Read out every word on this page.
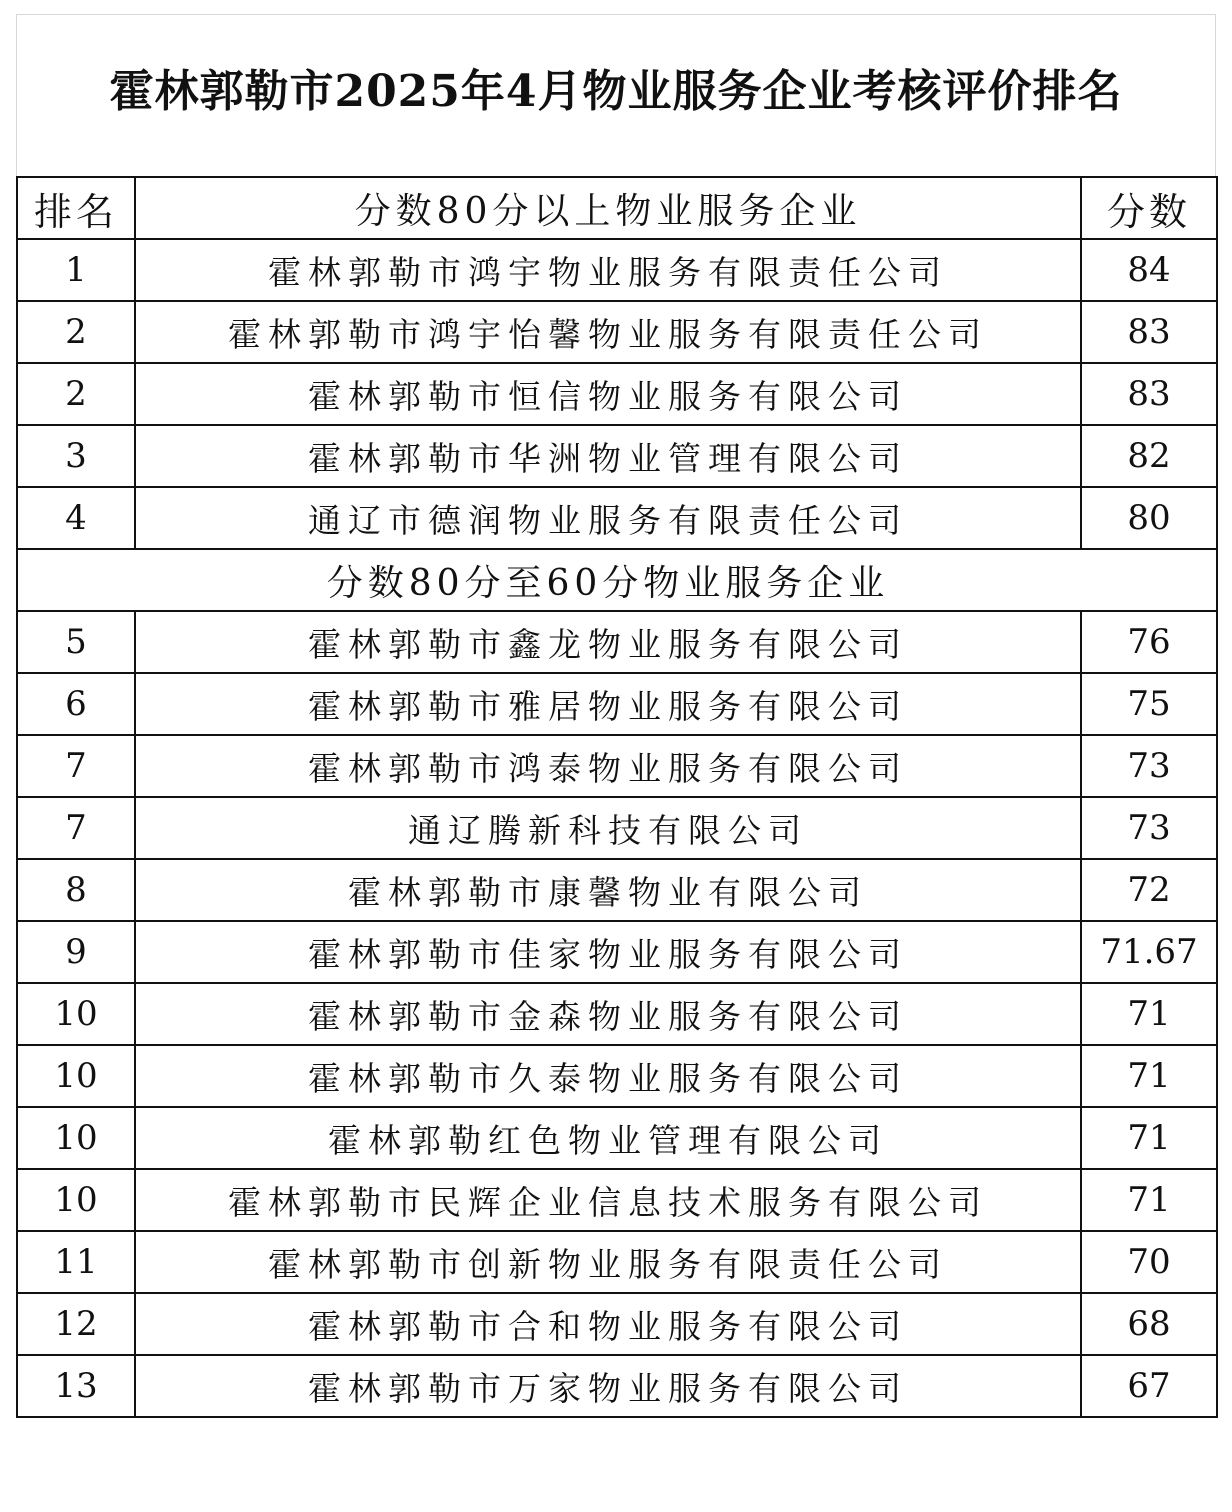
霍林郭勒市2025年4月物业服务企业考核评价排名
排名	分数80分以上物业服务企业	分数
1	霍林郭勒市鸿宇物业服务有限责任公司	84
2	霍林郭勒市鸿宇怡馨物业服务有限责任公司	83
2	霍林郭勒市恒信物业服务有限公司	83
3	霍林郭勒市华洲物业管理有限公司	82
4	通辽市德润物业服务有限责任公司	80
	分数80分至60分物业服务企业	
5	霍林郭勒市鑫龙物业服务有限公司	76
6	霍林郭勒市雅居物业服务有限公司	75
7	霍林郭勒市鸿泰物业服务有限公司	73
7	通辽腾新科技有限公司	73
8	霍林郭勒市康馨物业有限公司	72
9	霍林郭勒市佳家物业服务有限公司	71.67
10	霍林郭勒市金森物业服务有限公司	71
10	霍林郭勒市久泰物业服务有限公司	71
10	霍林郭勒红色物业管理有限公司	71
10	霍林郭勒市民辉企业信息技术服务有限公司	71
11	霍林郭勒市创新物业服务有限责任公司	70
12	霍林郭勒市合和物业服务有限公司	68
13	霍林郭勒市万家物业服务有限公司	67
